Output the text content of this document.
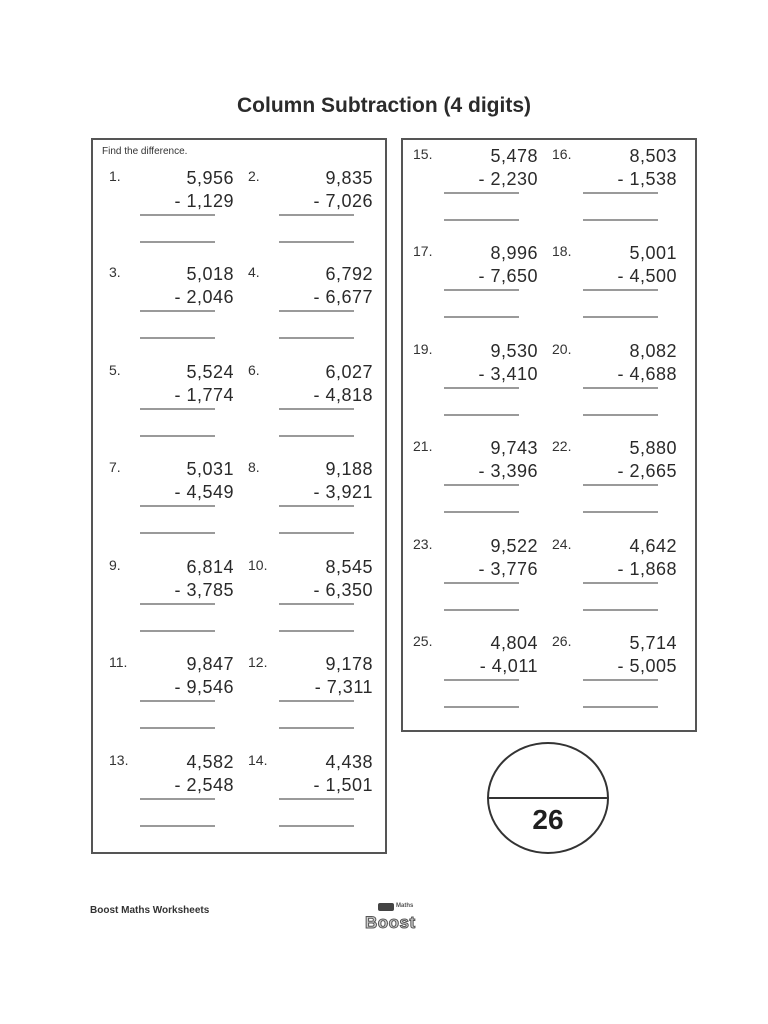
Column Subtraction (4 digits)
Find the difference.
1.	5,956
- 1,129
2.	9,835
- 7,026
3.	5,018
- 2,046
4.	6,792
- 6,677
5.	5,524
- 1,774
6.	6,027
- 4,818
7.	5,031
- 4,549
8.	9,188
- 3,921
9.	6,814
- 3,785
10.	8,545
- 6,350
11.	9,847
- 9,546
12.	9,178
- 7,311
13.	4,582
- 2,548
14.	4,438
- 1,501
15.	5,478
- 2,230
16.	8,503
- 1,538
17.	8,996
- 7,650
18.	5,001
- 4,500
19.	9,530
- 3,410
20.	8,082
- 4,688
21.	9,743
- 3,396
22.	5,880
- 2,665
23.	9,522
- 3,776
24.	4,642
- 1,868
25.	4,804
- 4,011
26.	5,714
- 5,005
26
Boost Maths Worksheets	Maths
Boost
